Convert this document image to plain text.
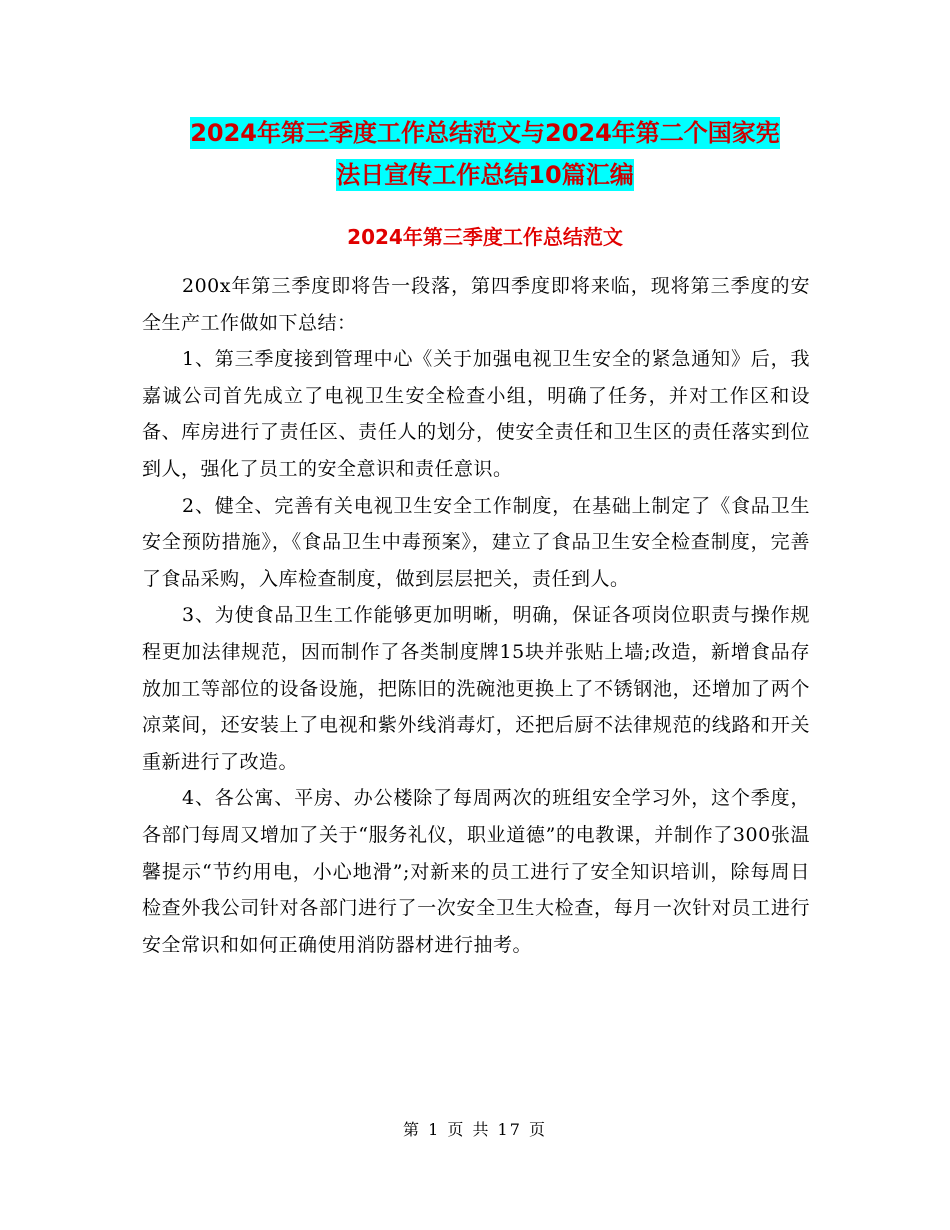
2024年第三季度工作总结范文与2024年第二个国家宪
法日宣传工作总结10篇汇编
2024年第三季度工作总结范文

200x年第三季度即将告一段落，第四季度即将来临，现将第三季度的安全生产工作做如下总结：

1、第三季度接到管理中心《关于加强电视卫生安全的紧急通知》后，我嘉诚公司首先成立了电视卫生安全检查小组，明确了任务，并对工作区和设备、库房进行了责任区、责任人的划分，使安全责任和卫生区的责任落实到位到人，强化了员工的安全意识和责任意识。

2、健全、完善有关电视卫生安全工作制度，在基础上制定了《食品卫生安全预防措施》，《食品卫生中毒预案》，建立了食品卫生安全检查制度，完善了食品采购，入库检查制度，做到层层把关，责任到人。

3、为使食品卫生工作能够更加明晰，明确，保证各项岗位职责与操作规程更加法律规范，因而制作了各类制度牌15块并张贴上墙;改造，新增食品存放加工等部位的设备设施，把陈旧的洗碗池更换上了不锈钢池，还增加了两个凉菜间，还安装上了电视和紫外线消毒灯，还把后厨不法律规范的线路和开关重新进行了改造。

4、各公寓、平房、办公楼除了每周两次的班组安全学习外，这个季度，各部门每周又增加了关于“服务礼仪，职业道德”的电教课，并制作了300张温馨提示“节约用电，小心地滑”;对新来的员工进行了安全知识培训，除每周日检查外我公司针对各部门进行了一次安全卫生大检查，每月一次针对员工进行安全常识和如何正确使用消防器材进行抽考。

第 1 页 共 17 页
